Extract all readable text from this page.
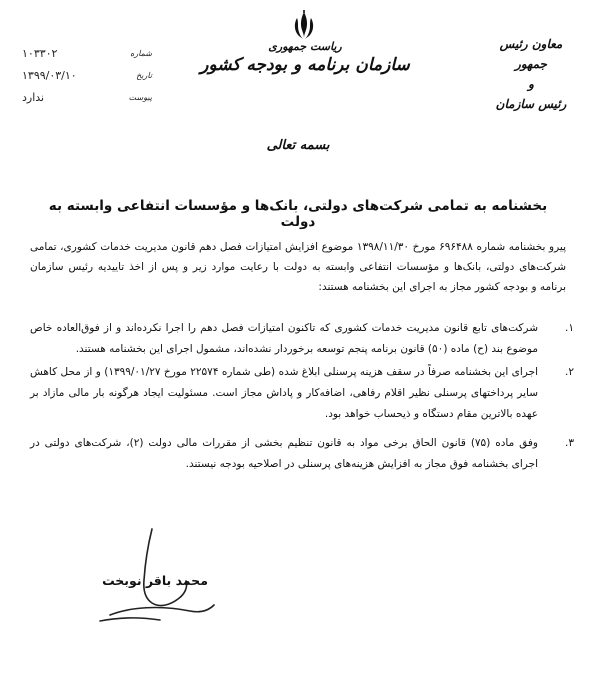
معاون رئیس جمهور
و
رئیس سازمان
ریاست جمهوری
سازمان برنامه و بودجه کشور
شماره
۱۰۳۳۰۲
تاریخ
۱۳۹۹/۰۳/۱۰
پیوست
ندارد
بسمه تعالی
بخشنامه به تمامی شرکت‌های دولتی، بانک‌ها و مؤسسات انتفاعی وابسته به دولت
پیرو بخشنامه شماره ۶۹۶۴۸۸ مورخ ۱۳۹۸/۱۱/۳۰ موضوع افزایش امتیازات فصل دهم قانون مدیریت خدمات کشوری، تمامی شرکت‌های دولتی، بانک‌ها و مؤسسات انتفاعی وابسته به دولت با رعایت موارد زیر و پس از اخذ تاییدیه رئیس سازمان برنامه و بودجه کشور مجاز به اجرای این بخشنامه هستند:
۱.
شرکت‌های تابع قانون مدیریت خدمات کشوری که تاکنون امتیازات فصل دهم را اجرا نکرده‌اند و از فوق‌العاده خاص موضوع بند (ح) ماده (۵۰) قانون برنامه پنجم توسعه برخوردار نشده‌اند، مشمول اجرای این بخشنامه هستند.
۲.
اجرای این بخشنامه صرفاً در سقف هزینه پرسنلی ابلاغ شده (طی شماره ۲۲۵۷۴ مورخ ۱۳۹۹/۰۱/۲۷) و از محل کاهش سایر پرداختهای پرسنلی نظیر اقلام رفاهی، اضافه‌کار و پاداش مجاز است. مسئولیت ایجاد هرگونه بار مالی مازاد بر عهده بالاترین مقام دستگاه و ذیحساب خواهد بود.
۳.
وفق ماده (۷۵) قانون الحاق برخی مواد به قانون تنظیم بخشی از مقررات مالی دولت (۲)، شرکت‌های دولتی در اجرای بخشنامه فوق مجاز به افزایش هزینه‌های پرسنلی در اصلاحیه بودجه نیستند.
محمد باقر نوبخت
